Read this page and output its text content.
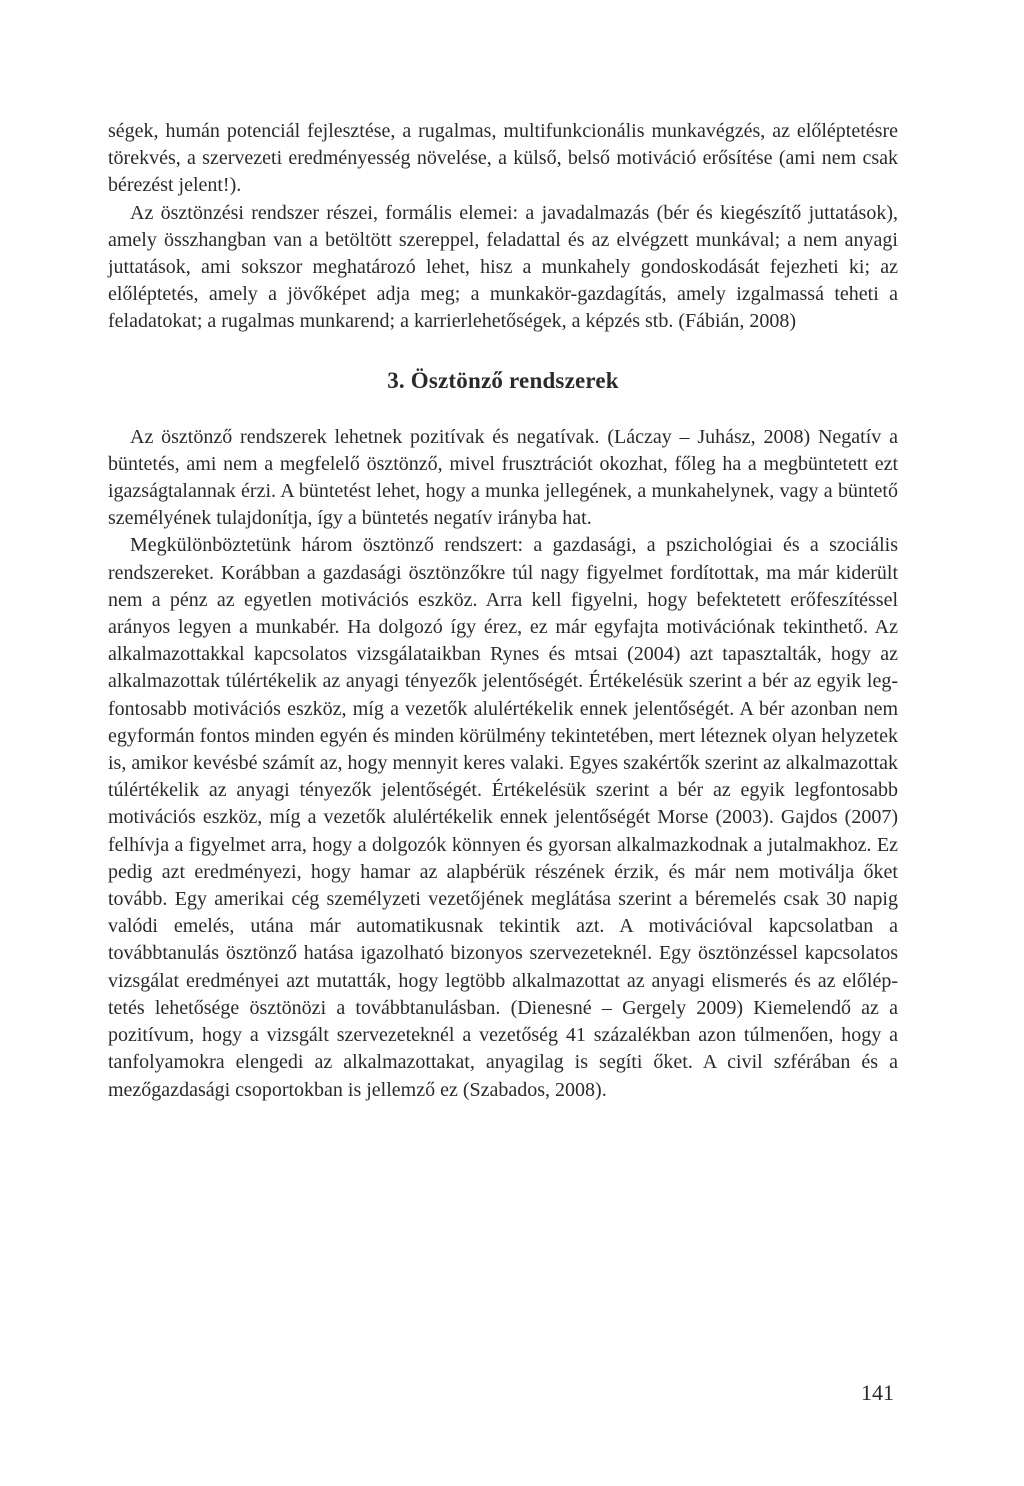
ségek, humán potenciál fejlesztése, a rugalmas, multifunkcionális munkavégzés, az előléptetésre törekvés, a szervezeti eredményesség növelése, a külső, belső motiváció erősítése (ami nem csak bérezést jelent!).

Az ösztönzési rendszer részei, formális elemei: a javadalmazás (bér és kiegészítő juttatások), amely összhangban van a betöltött szereppel, feladattal és az elvégzett munkával; a nem anyagi juttatások, ami sokszor meghatározó lehet, hisz a munkahely gondoskodását fejezheti ki; az előléptetés, amely a jövőképet adja meg; a munkakör-gazdagítás, amely izgalmassá teheti a feladatokat; a rugalmas munkarend; a karrierlehetőségek, a képzés stb. (Fábián, 2008)

3. Ösztönző rendszerek

Az ösztönző rendszerek lehetnek pozitívak és negatívak. (Láczay – Juhász, 2008) Negatív a büntetés, ami nem a megfelelő ösztönző, mivel frusztrációt okozhat, főleg ha a megbüntetett ezt igazságtalannak érzi. A büntetést lehet, hogy a munka jellegének, a munkahelynek, vagy a büntető személyének tulajdonítja, így a büntetés negatív irányba hat.

Megkülönböztetünk három ösztönző rendszert: a gazdasági, a pszichológiai és a szociális rendszereket. Korábban a gazdasági ösztönzőkre túl nagy figyelmet fordítottak, ma már kiderült nem a pénz az egyetlen motivációs eszköz. Arra kell figyelni, hogy befektetett erőfeszítéssel arányos legyen a munkabér. Ha dolgozó így érez, ez már egyfajta motivációnak tekinthető. Az alkalmazottakkal kapcsolatos vizsgálataikban Rynes és mtsai (2004) azt tapasztalták, hogy az alkalmazottak túlértékelik az anyagi tényezők jelentőségét. Értékelésük szerint a bér az egyik legfontosabb motivációs eszköz, míg a vezetők alulértékelik ennek jelentőségét. A bér azonban nem egyformán fontos minden egyén és minden körülmény tekintetében, mert léteznek olyan helyzetek is, amikor kevésbé számít az, hogy mennyit keres valaki. Egyes szakértők szerint az alkalmazottak túlértékelik az anyagi tényezők jelentőségét. Értékelésük szerint a bér az egyik legfontosabb motivációs eszköz, míg a vezetők alulértékelik ennek jelentőségét Morse (2003). Gajdos (2007) felhívja a figyelmet arra, hogy a dolgozók könnyen és gyorsan alkalmazkodnak a jutalmakhoz. Ez pedig azt eredményezi, hogy hamar az alapbérük részének érzik, és már nem motiválja őket tovább. Egy amerikai cég személyzeti vezetőjének meglátása szerint a béremelés csak 30 napig valódi emelés, utána már automatikusnak tekintik azt. A motivációval kapcsolatban a továbbtanulás ösztönző hatása igazolható bizonyos szervezeteknél. Egy ösztönzéssel kapcsolatos vizsgálat eredményei azt mutatták, hogy legtöbb alkalmazottat az anyagi elismerés és az előléptetés lehetősége ösztönözi a továbbtanulásban. (Dienesné – Gergely 2009) Kiemelendő az a pozitívum, hogy a vizsgált szervezeteknél a vezetőség 41 százalékban azon túlmenően, hogy a tanfolyamokra elengedi az alkalmazottakat, anyagilag is segíti őket. A civil szférában és a mezőgazdasági csoportokban is jellemző ez (Szabados, 2008).

141
